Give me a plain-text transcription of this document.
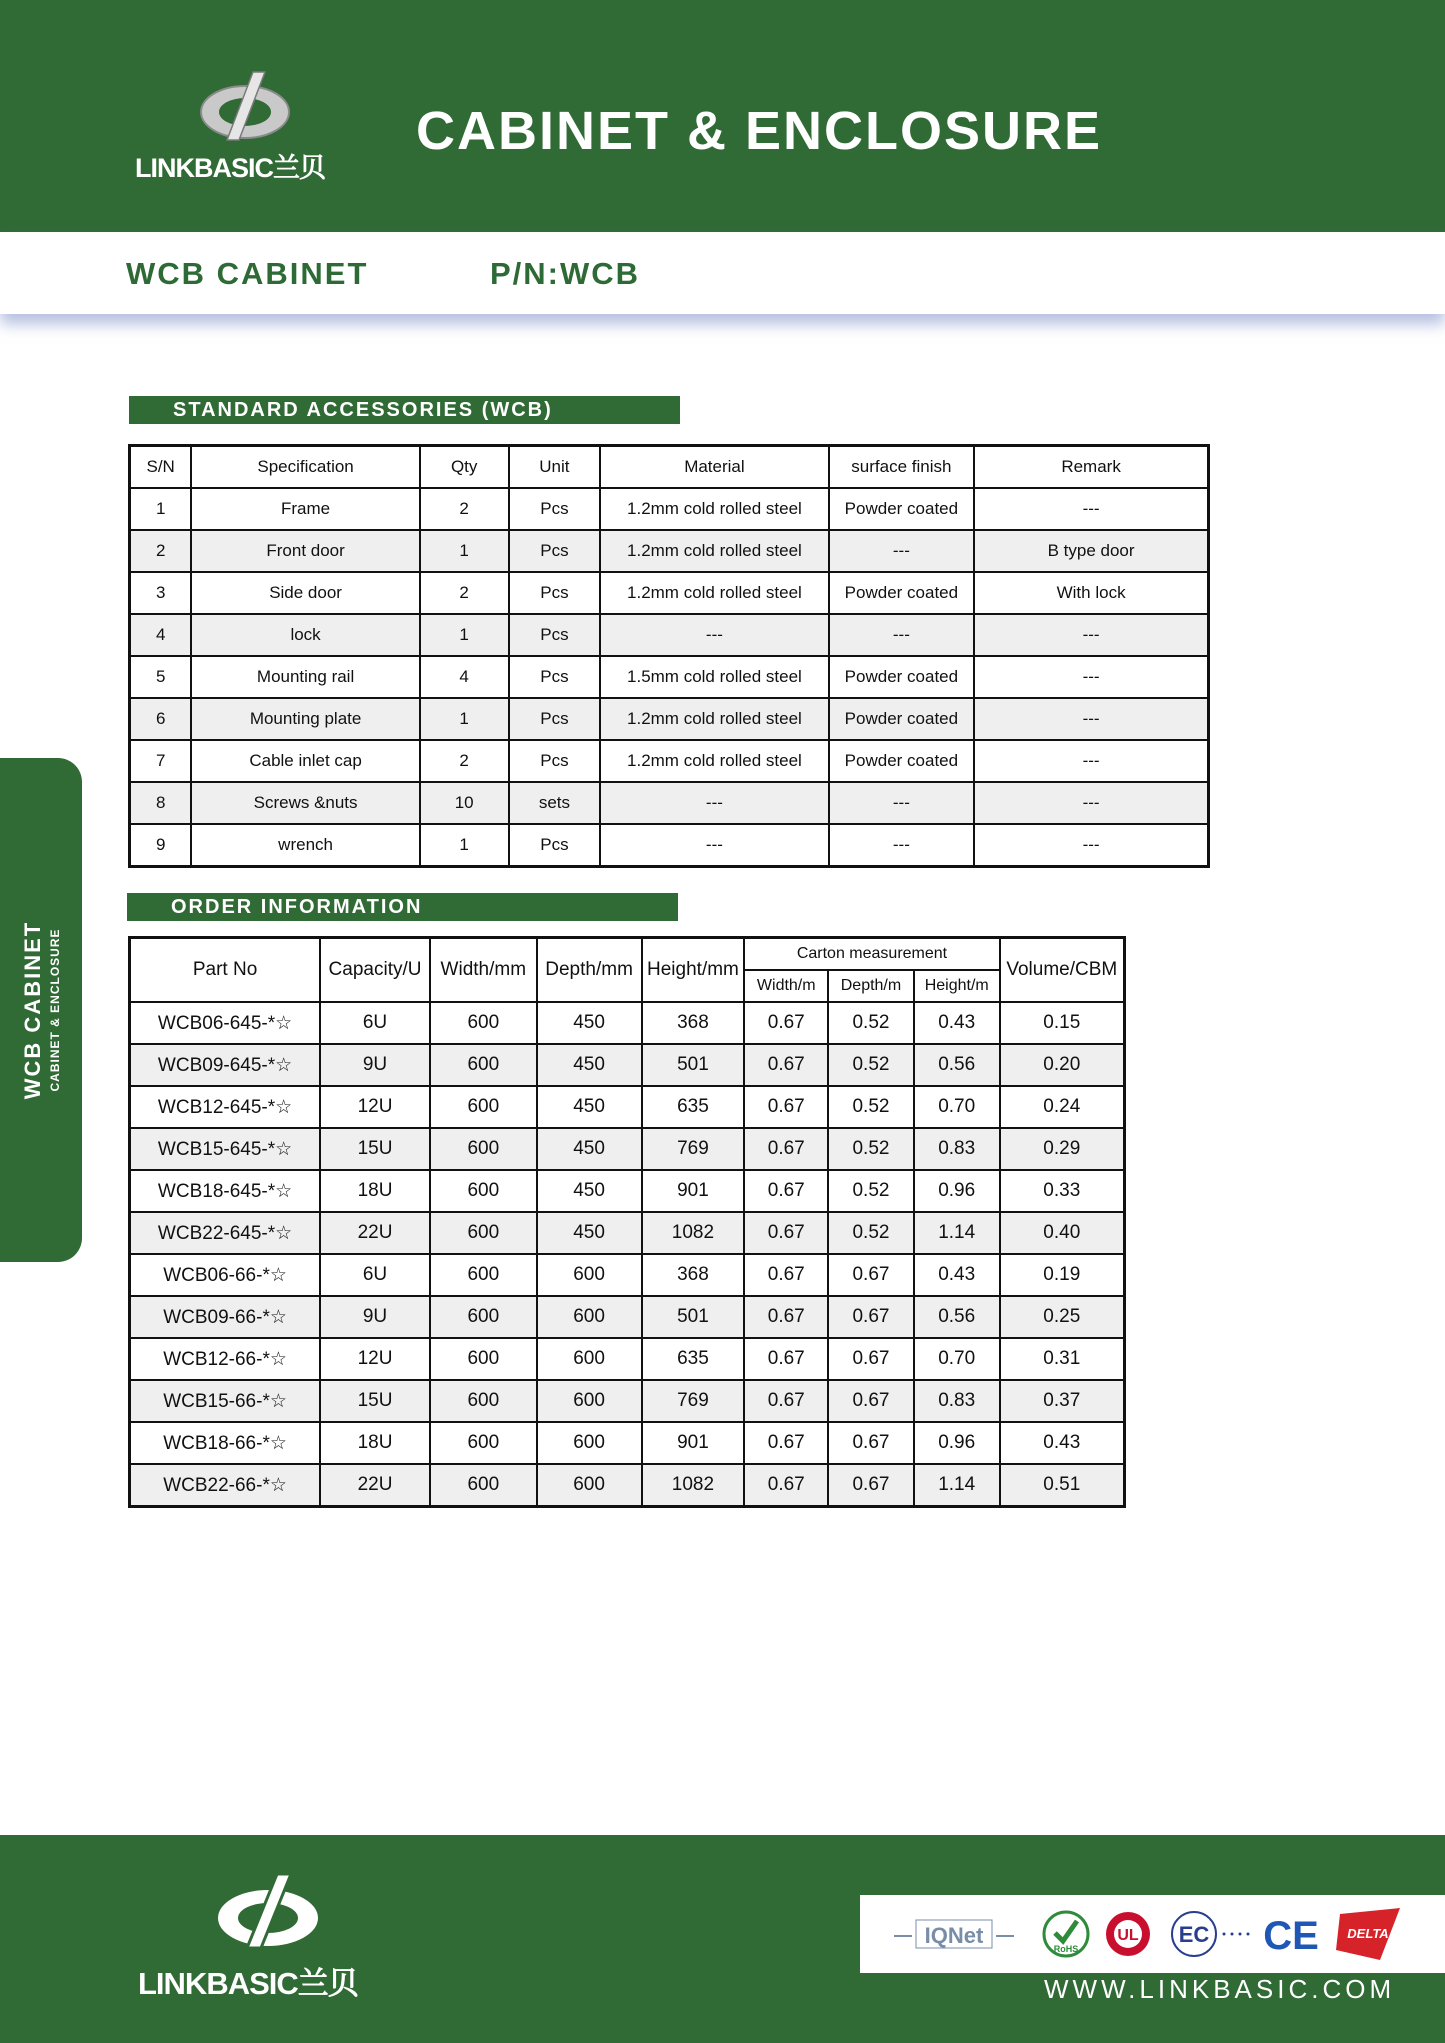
LINKBASIC兰贝
CABINET & ENCLOSURE
WCB CABINET	P/N:WCB
WCB CABINET CABINET & ENCLOSURE
STANDARD ACCESSORIES (WCB)
S/N	Specification	Qty	Unit	Material	surface finish	Remark
1	Frame	2	Pcs	1.2mm cold rolled steel	Powder coated	---
2	Front door	1	Pcs	1.2mm cold rolled steel	---	B type door
3	Side door	2	Pcs	1.2mm cold rolled steel	Powder coated	With lock
4	lock	1	Pcs	---	---	---
5	Mounting rail	4	Pcs	1.5mm cold rolled steel	Powder coated	---
6	Mounting plate	1	Pcs	1.2mm cold rolled steel	Powder coated	---
7	Cable inlet cap	2	Pcs	1.2mm cold rolled steel	Powder coated	---
8	Screws &nuts	10	sets	---	---	---
9	wrench	1	Pcs	---	---	---
ORDER INFORMATION
Part No	Capacity/U	Width/mm	Depth/mm	Height/mm	Carton measurement			Volume/CBM
					Width/m	Depth/m	Height/m	
WCB06-645-*☆	6U	600	450	368	0.67	0.52	0.43	0.15
WCB09-645-*☆	9U	600	450	501	0.67	0.52	0.56	0.20
WCB12-645-*☆	12U	600	450	635	0.67	0.52	0.70	0.24
WCB15-645-*☆	15U	600	450	769	0.67	0.52	0.83	0.29
WCB18-645-*☆	18U	600	450	901	0.67	0.52	0.96	0.33
WCB22-645-*☆	22U	600	450	1082	0.67	0.52	1.14	0.40
WCB06-66-*☆	6U	600	600	368	0.67	0.67	0.43	0.19
WCB09-66-*☆	9U	600	600	501	0.67	0.67	0.56	0.25
WCB12-66-*☆	12U	600	600	635	0.67	0.67	0.70	0.31
WCB15-66-*☆	15U	600	600	769	0.67	0.67	0.83	0.37
WCB18-66-*☆	18U	600	600	901	0.67	0.67	0.96	0.43
WCB22-66-*☆	22U	600	600	1082	0.67	0.67	1.14	0.51
LINKBASIC兰贝
IQNet
RoHS
UL EC CE DELTA
WWW.LINKBASIC.COM
